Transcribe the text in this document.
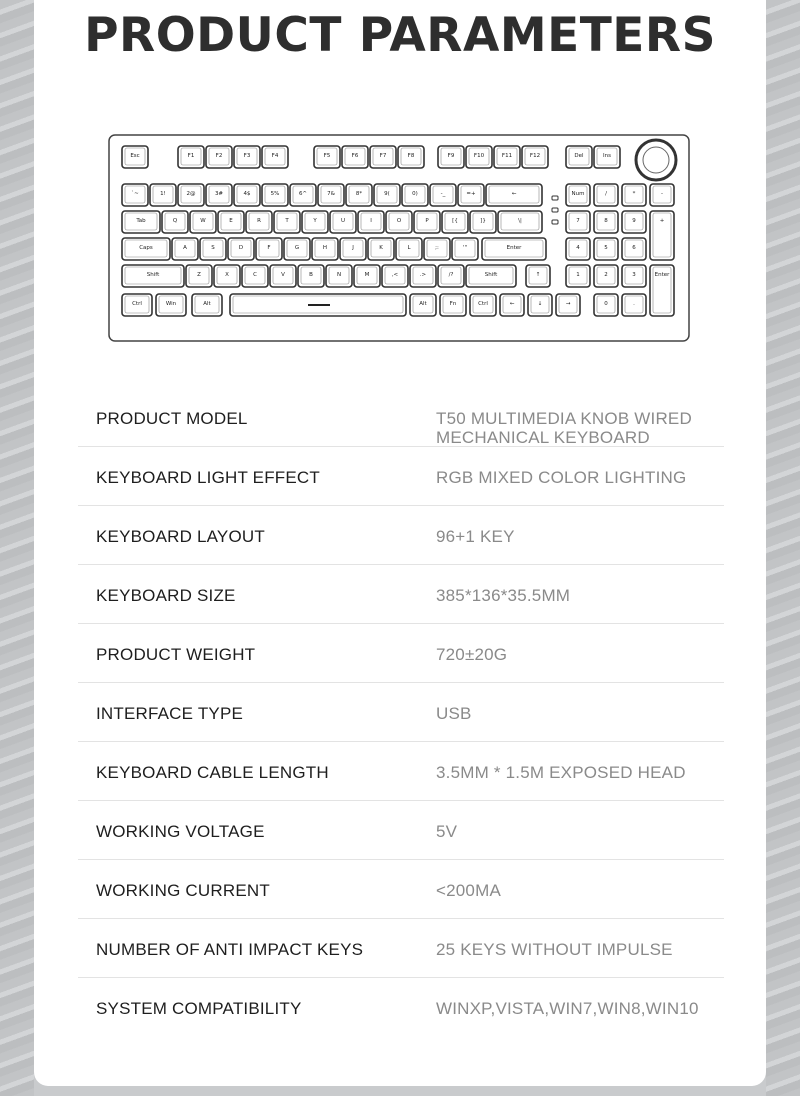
PRODUCT PARAMETERS
Esc	F1	F2	F3	F4	F5	F6	F7	F8	F9	F10	F11	F12	Del	Ins
`~	1!	2@	3#	4$	5%	6^	7&	8*	9(	0)	-_	=+	←	Num	/	*	-
Tab	Q	W	E	R	T	Y	U	I	O	P	[{	]}	\|	7	8	9	+
Caps	A	S	D	F	G	H	J	K	L	;:	'"	Enter	4	5	6
Shift	Z	X	C	V	B	N	M	,<	.>	/?	Shift	↑	1	2	3	Enter
Ctrl	Win	Alt	Alt	Fn	Ctrl	←	↓	→	0	.
PRODUCT MODEL	T50 MULTIMEDIA KNOB WIRED MECHANICAL KEYBOARD
KEYBOARD LIGHT EFFECT	RGB MIXED COLOR LIGHTING
KEYBOARD LAYOUT	96+1 KEY
KEYBOARD SIZE	385*136*35.5MM
PRODUCT WEIGHT	720±20G
INTERFACE TYPE	USB
KEYBOARD CABLE LENGTH	3.5MM * 1.5M EXPOSED HEAD
WORKING VOLTAGE	5V
WORKING CURRENT	<200MA
NUMBER OF ANTI IMPACT KEYS	25 KEYS WITHOUT IMPULSE
SYSTEM COMPATIBILITY	WINXP,VISTA,WIN7,WIN8,WIN10
